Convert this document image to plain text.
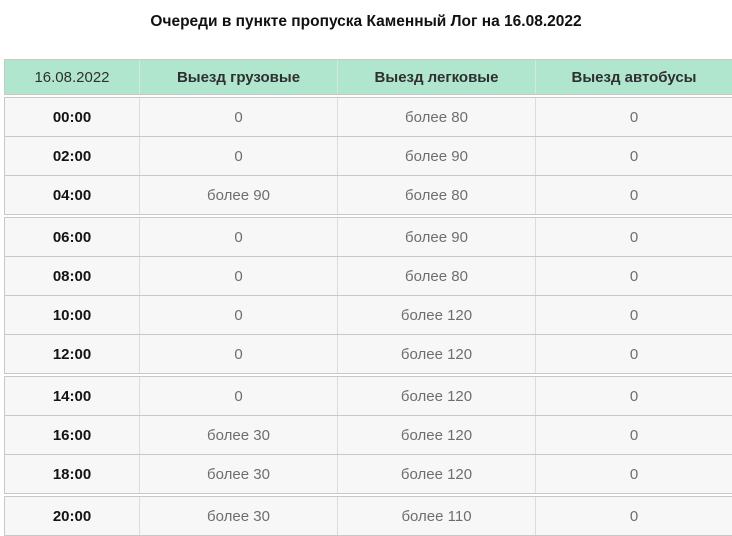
Очереди в пункте пропуска Каменный Лог на 16.08.2022
16.08.2022	Выезд грузовые	Выезд легковые	Выезд автобусы
00:00	0	более 80	0
02:00	0	более 90	0
04:00	более 90	более 80	0
06:00	0	более 90	0
08:00	0	более 80	0
10:00	0	более 120	0
12:00	0	более 120	0
14:00	0	более 120	0
16:00	более 30	более 120	0
18:00	более 30	более 120	0
20:00	более 30	более 110	0
